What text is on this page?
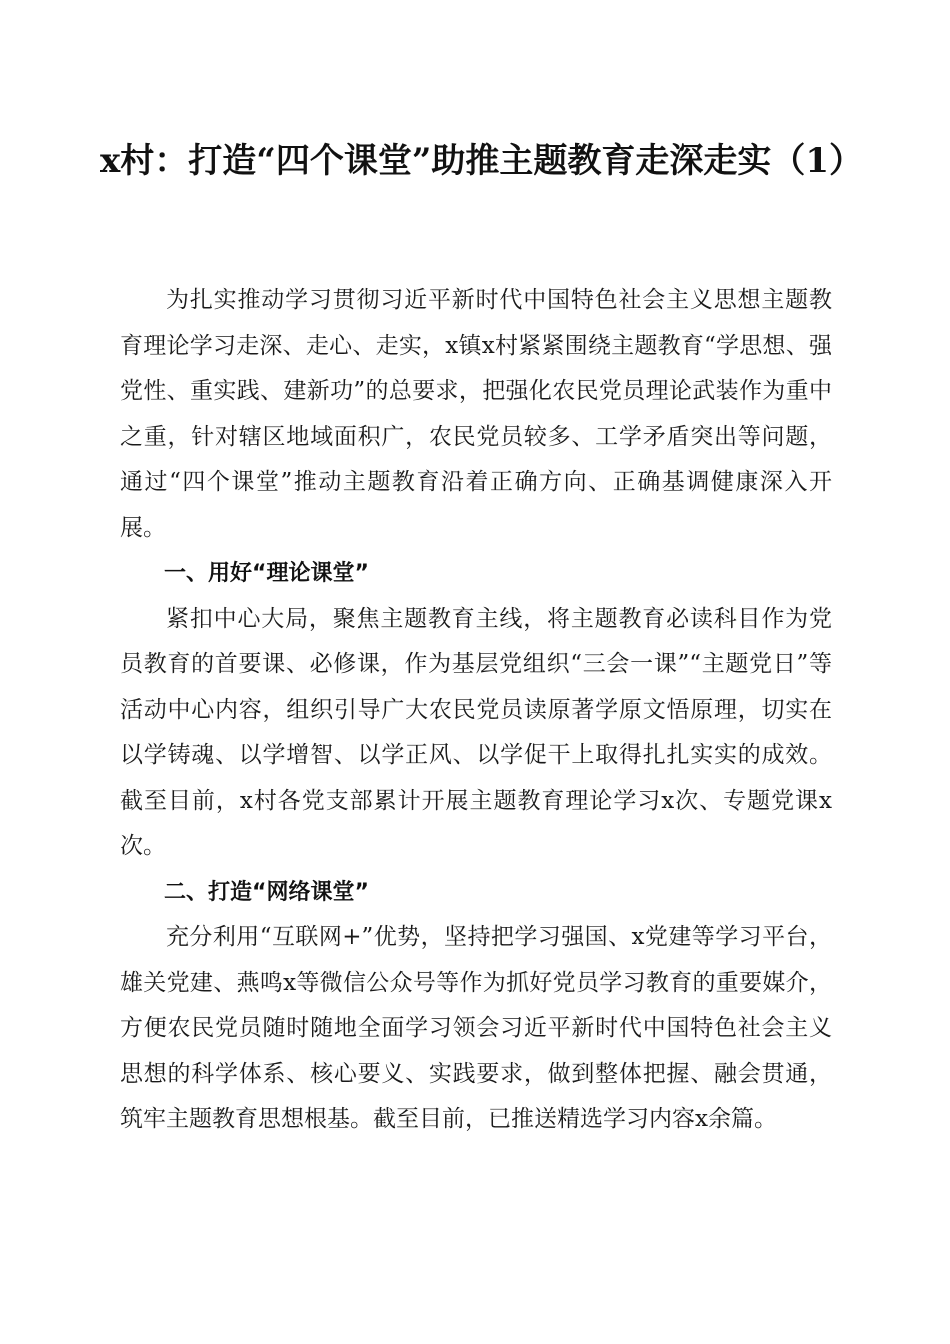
x村：打造“四个课堂”助推主题教育走深走实（1）

为扎实推动学习贯彻习近平新时代中国特色社会主义思想主题教育理论学习走深、走心、走实，x镇x村紧紧围绕主题教育“学思想、强党性、重实践、建新功”的总要求，把强化农民党员理论武装作为重中之重，针对辖区地域面积广，农民党员较多、工学矛盾突出等问题，通过“四个课堂”推动主题教育沿着正确方向、正确基调健康深入开展。

一、用好“理论课堂”

紧扣中心大局，聚焦主题教育主线，将主题教育必读科目作为党员教育的首要课、必修课，作为基层党组织“三会一课”“主题党日”等活动中心内容，组织引导广大农民党员读原著学原文悟原理，切实在以学铸魂、以学增智、以学正风、以学促干上取得扎扎实实的成效。截至目前，x村各党支部累计开展主题教育理论学习x次、专题党课x次。

二、打造“网络课堂”

充分利用“互联网+”优势，坚持把学习强国、x党建等学习平台，雄关党建、燕鸣x等微信公众号等作为抓好党员学习教育的重要媒介，方便农民党员随时随地全面学习领会习近平新时代中国特色社会主义思想的科学体系、核心要义、实践要求，做到整体把握、融会贯通，筑牢主题教育思想根基。截至目前，已推送精选学习内容x余篇。
